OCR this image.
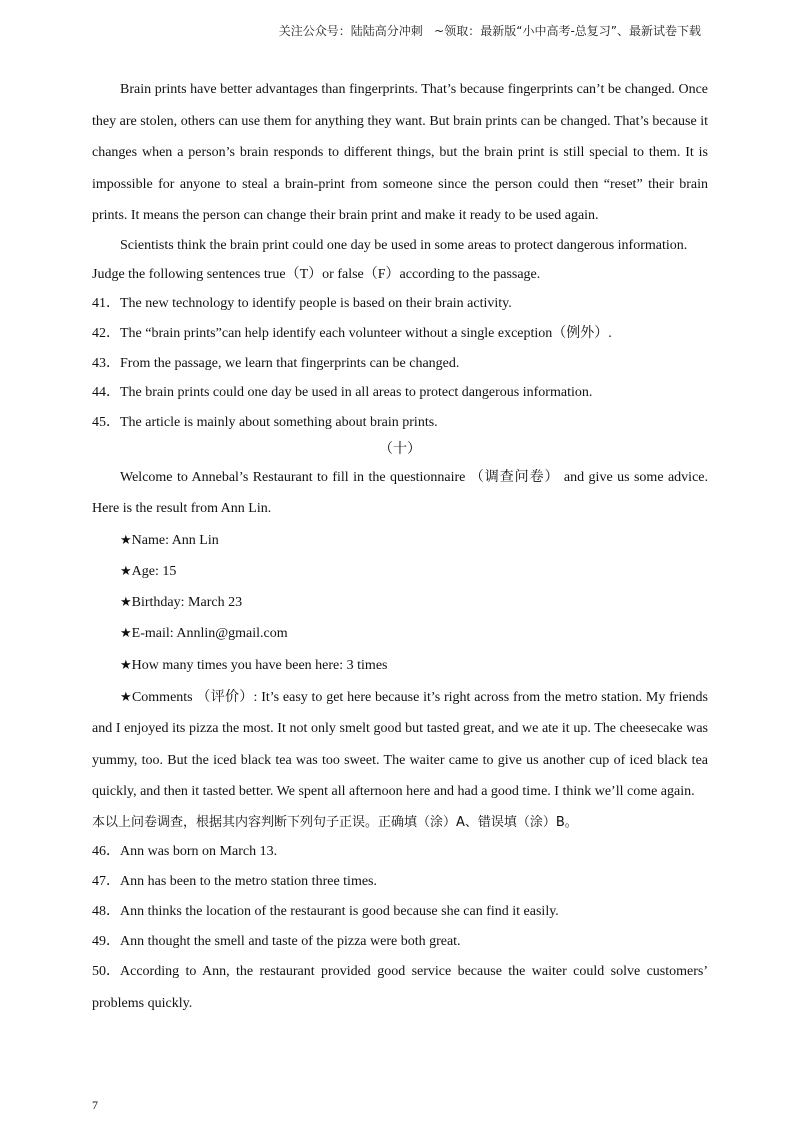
关注公众号：陆陆高分冲刺   ~领取：最新版“小中高考-总复习”、最新试卷下载

Brain prints have better advantages than fingerprints. That’s because fingerprints can’t be changed. Once they are stolen, others can use them for anything they want. But brain prints can be changed. That’s because it changes when a person’s brain responds to different things, but the brain print is still special to them. It is impossible for anyone to steal a brain-print from someone since the person could then “reset” their brain prints. It means the person can change their brain print and make it ready to be used again.

Scientists think the brain print could one day be used in some areas to protect dangerous information.

Judge the following sentences true（T）or false（F）according to the passage.

41．The new technology to identify people is based on their brain activity.

42．The “brain prints”can help identify each volunteer without a single exception（例外）.

43．From the passage, we learn that fingerprints can be changed.

44．The brain prints could one day be used in all areas to protect dangerous information.

45．The article is mainly about something about brain prints.

（十）

Welcome to Annebal’s Restaurant to fill in the questionnaire （调查问卷） and give us some advice. Here is the result from Ann Lin.

★Name: Ann Lin

★Age: 15

★Birthday: March 23

★E-mail: Annlin@gmail.com

★How many times you have been here: 3 times

★Comments （评价）: It’s easy to get here because it’s right across from the metro station. My friends and I enjoyed its pizza the most. It not only smelt good but tasted great, and we ate it up. The cheesecake was yummy, too. But the iced black tea was too sweet. The waiter came to give us another cup of iced black tea quickly, and then it tasted better. We spent all afternoon here and had a good time. I think we’ll come again.

本以上问卷调查，根据其内容判断下列句子正误。正确填（涂）A、错误填（涂）B。

46．Ann was born on March 13.

47．Ann has been to the metro station three times.

48．Ann thinks the location of the restaurant is good because she can find it easily.

49．Ann thought the smell and taste of the pizza were both great.

50．According to Ann, the restaurant provided good service because the waiter could solve customers’ problems quickly.

7
